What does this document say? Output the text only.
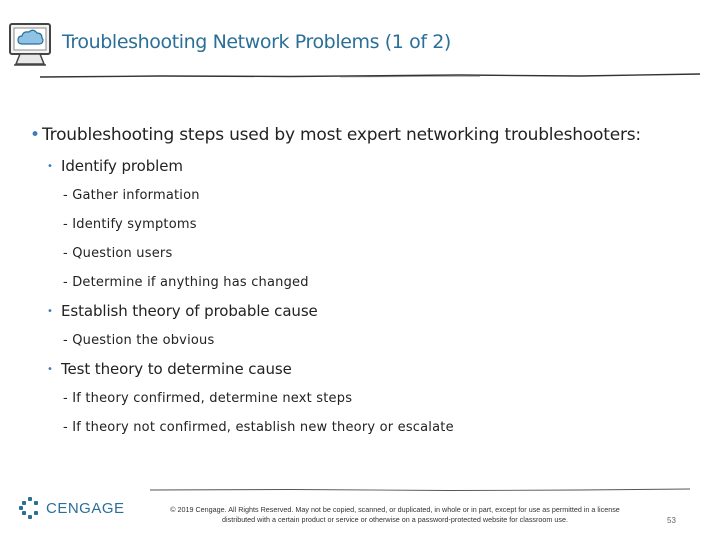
Troubleshooting Network Problems (1 of 2)
• Troubleshooting steps used by most expert networking troubleshooters:
• Identify problem
- Gather information
- Identify symptoms
- Question users
- Determine if anything has changed
• Establish theory of probable cause
- Question the obvious
• Test theory to determine cause
- If theory confirmed, determine next steps
- If theory not confirmed, establish new theory or escalate
CENGAGE	© 2019 Cengage. All Rights Reserved. May not be copied, scanned, or duplicated, in whole or in part, except for use as permitted in a license
distributed with a certain product or service or otherwise on a password-protected website for classroom use.	53
